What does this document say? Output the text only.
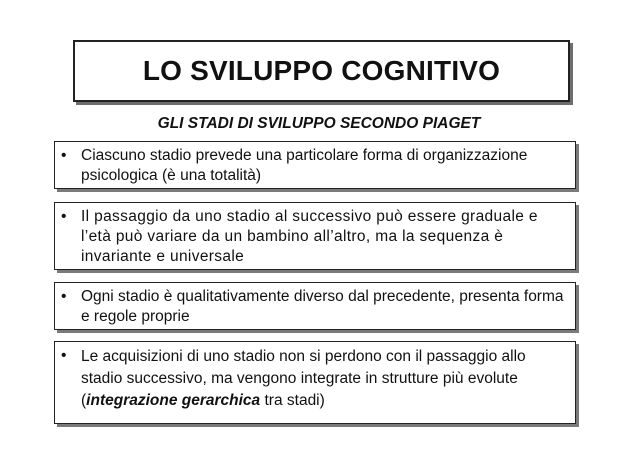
LO SVILUPPO COGNITIVO
GLI STADI DI SVILUPPO SECONDO PIAGET
• Ciascuno stadio prevede una particolare forma di organizzazione psicologica (è una totalità)
• Il passaggio da uno stadio al successivo può essere graduale e l’età può variare da un bambino all’altro, ma la sequenza è invariante e universale
• Ogni stadio è qualitativamente diverso dal precedente, presenta forma e regole proprie
• Le acquisizioni di uno stadio non si perdono con il passaggio allo stadio successivo, ma vengono integrate in strutture più evolute (integrazione gerarchica tra stadi)
